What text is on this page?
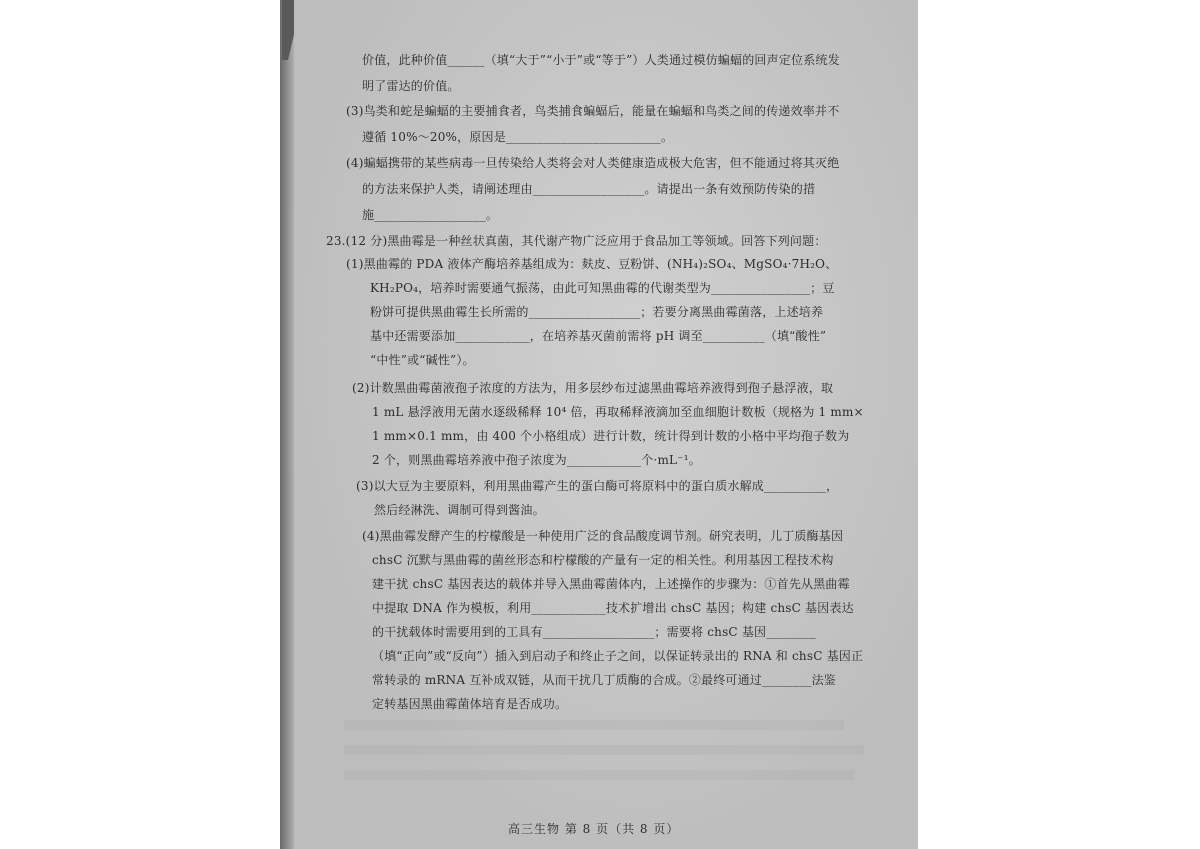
价值，此种价值______（填“大于”“小于”或“等于”）人类通过模仿蝙蝠的回声定位系统发
明了雷达的价值。
(3)鸟类和蛇是蝙蝠的主要捕食者，鸟类捕食蝙蝠后，能量在蝙蝠和鸟类之间的传递效率并不
遵循 10%～20%，原因是_________________________。
(4)蝙蝠携带的某些病毒一旦传染给人类将会对人类健康造成极大危害，但不能通过将其灭绝
的方法来保护人类，请阐述理由__________________。请提出一条有效预防传染的措
施__________________。
23.(12 分)黑曲霉是一种丝状真菌，其代谢产物广泛应用于食品加工等领域。回答下列问题：
(1)黑曲霉的 PDA 液体产酶培养基组成为：麸皮、豆粉饼、(NH₄)₂SO₄、MgSO₄·7H₂O、
KH₂PO₄，培养时需要通气振荡，由此可知黑曲霉的代谢类型为________________；豆
粉饼可提供黑曲霉生长所需的__________________；若要分离黑曲霉菌落，上述培养
基中还需要添加____________，在培养基灭菌前需将 pH 调至__________（填“酸性”
“中性”或“碱性”）。
(2)计数黑曲霉菌液孢子浓度的方法为，用多层纱布过滤黑曲霉培养液得到孢子悬浮液，取
1 mL 悬浮液用无菌水逐级稀释 10⁴ 倍，再取稀释液滴加至血细胞计数板（规格为 1 mm×
1 mm×0.1 mm，由 400 个小格组成）进行计数，统计得到计数的小格中平均孢子数为
2 个，则黑曲霉培养液中孢子浓度为____________个·mL⁻¹。
(3)以大豆为主要原料，利用黑曲霉产生的蛋白酶可将原料中的蛋白质水解成__________，
然后经淋洗、调制可得到酱油。
(4)黑曲霉发酵产生的柠檬酸是一种使用广泛的食品酸度调节剂。研究表明，儿丁质酶基因
chsC 沉默与黑曲霉的菌丝形态和柠檬酸的产量有一定的相关性。利用基因工程技术构
建干扰 chsC 基因表达的载体并导入黑曲霉菌体内，上述操作的步骤为：①首先从黑曲霉
中提取 DNA 作为模板，利用____________技术扩增出 chsC 基因；构建 chsC 基因表达
的干扰载体时需要用到的工具有__________________；需要将 chsC 基因________
（填“正向”或“反向”）插入到启动子和终止子之间，以保证转录出的 RNA 和 chsC 基因正
常转录的 mRNA 互补成双链，从而干扰几丁质酶的合成。②最终可通过________法鉴
定转基因黑曲霉菌体培育是否成功。
高三生物 第 8 页（共 8 页）
